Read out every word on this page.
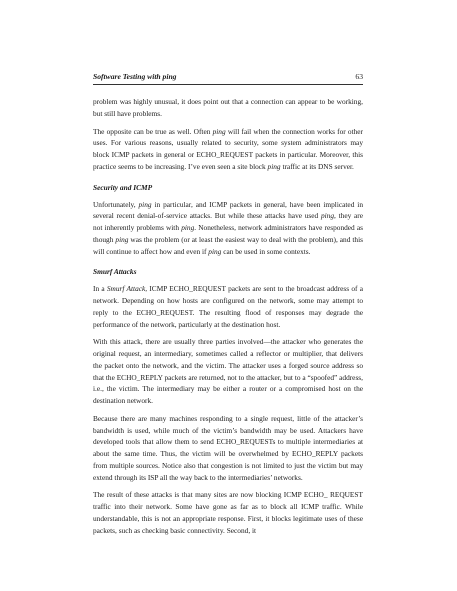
Software Testing with ping	63

problem was highly unusual, it does point out that a connection can appear to be working, but still have problems.

The opposite can be true as well. Often ping will fail when the connection works for other uses. For various reasons, usually related to security, some system administrators may block ICMP packets in general or ECHO_REQUEST packets in particular. Moreover, this practice seems to be increasing. I’ve even seen a site block ping traffic at its DNS server.

Security and ICMP

Unfortunately, ping in particular, and ICMP packets in general, have been implicated in several recent denial-of-service attacks. But while these attacks have used ping, they are not inherently problems with ping. Nonetheless, network administrators have responded as though ping was the problem (or at least the easiest way to deal with the problem), and this will continue to affect how and even if ping can be used in some contexts.

Smurf Attacks

In a Smurf Attack, ICMP ECHO_REQUEST packets are sent to the broadcast address of a network. Depending on how hosts are configured on the network, some may attempt to reply to the ECHO_REQUEST. The resulting flood of responses may degrade the performance of the network, particularly at the destination host.

With this attack, there are usually three parties involved—the attacker who generates the original request, an intermediary, sometimes called a reflector or multiplier, that delivers the packet onto the network, and the victim. The attacker uses a forged source address so that the ECHO_REPLY packets are returned, not to the attacker, but to a “spoofed” address, i.e., the victim. The intermediary may be either a router or a compromised host on the destination network.

Because there are many machines responding to a single request, little of the attacker’s bandwidth is used, while much of the victim’s bandwidth may be used. Attackers have developed tools that allow them to send ECHO_REQUESTs to multiple intermediaries at about the same time. Thus, the victim will be overwhelmed by ECHO_REPLY packets from multiple sources. Notice also that congestion is not limited to just the victim but may extend through its ISP all the way back to the intermediaries’ networks.

The result of these attacks is that many sites are now blocking ICMP ECHO_ REQUEST traffic into their network. Some have gone as far as to block all ICMP traffic. While understandable, this is not an appropriate response. First, it blocks legitimate uses of these packets, such as checking basic connectivity. Second, it
